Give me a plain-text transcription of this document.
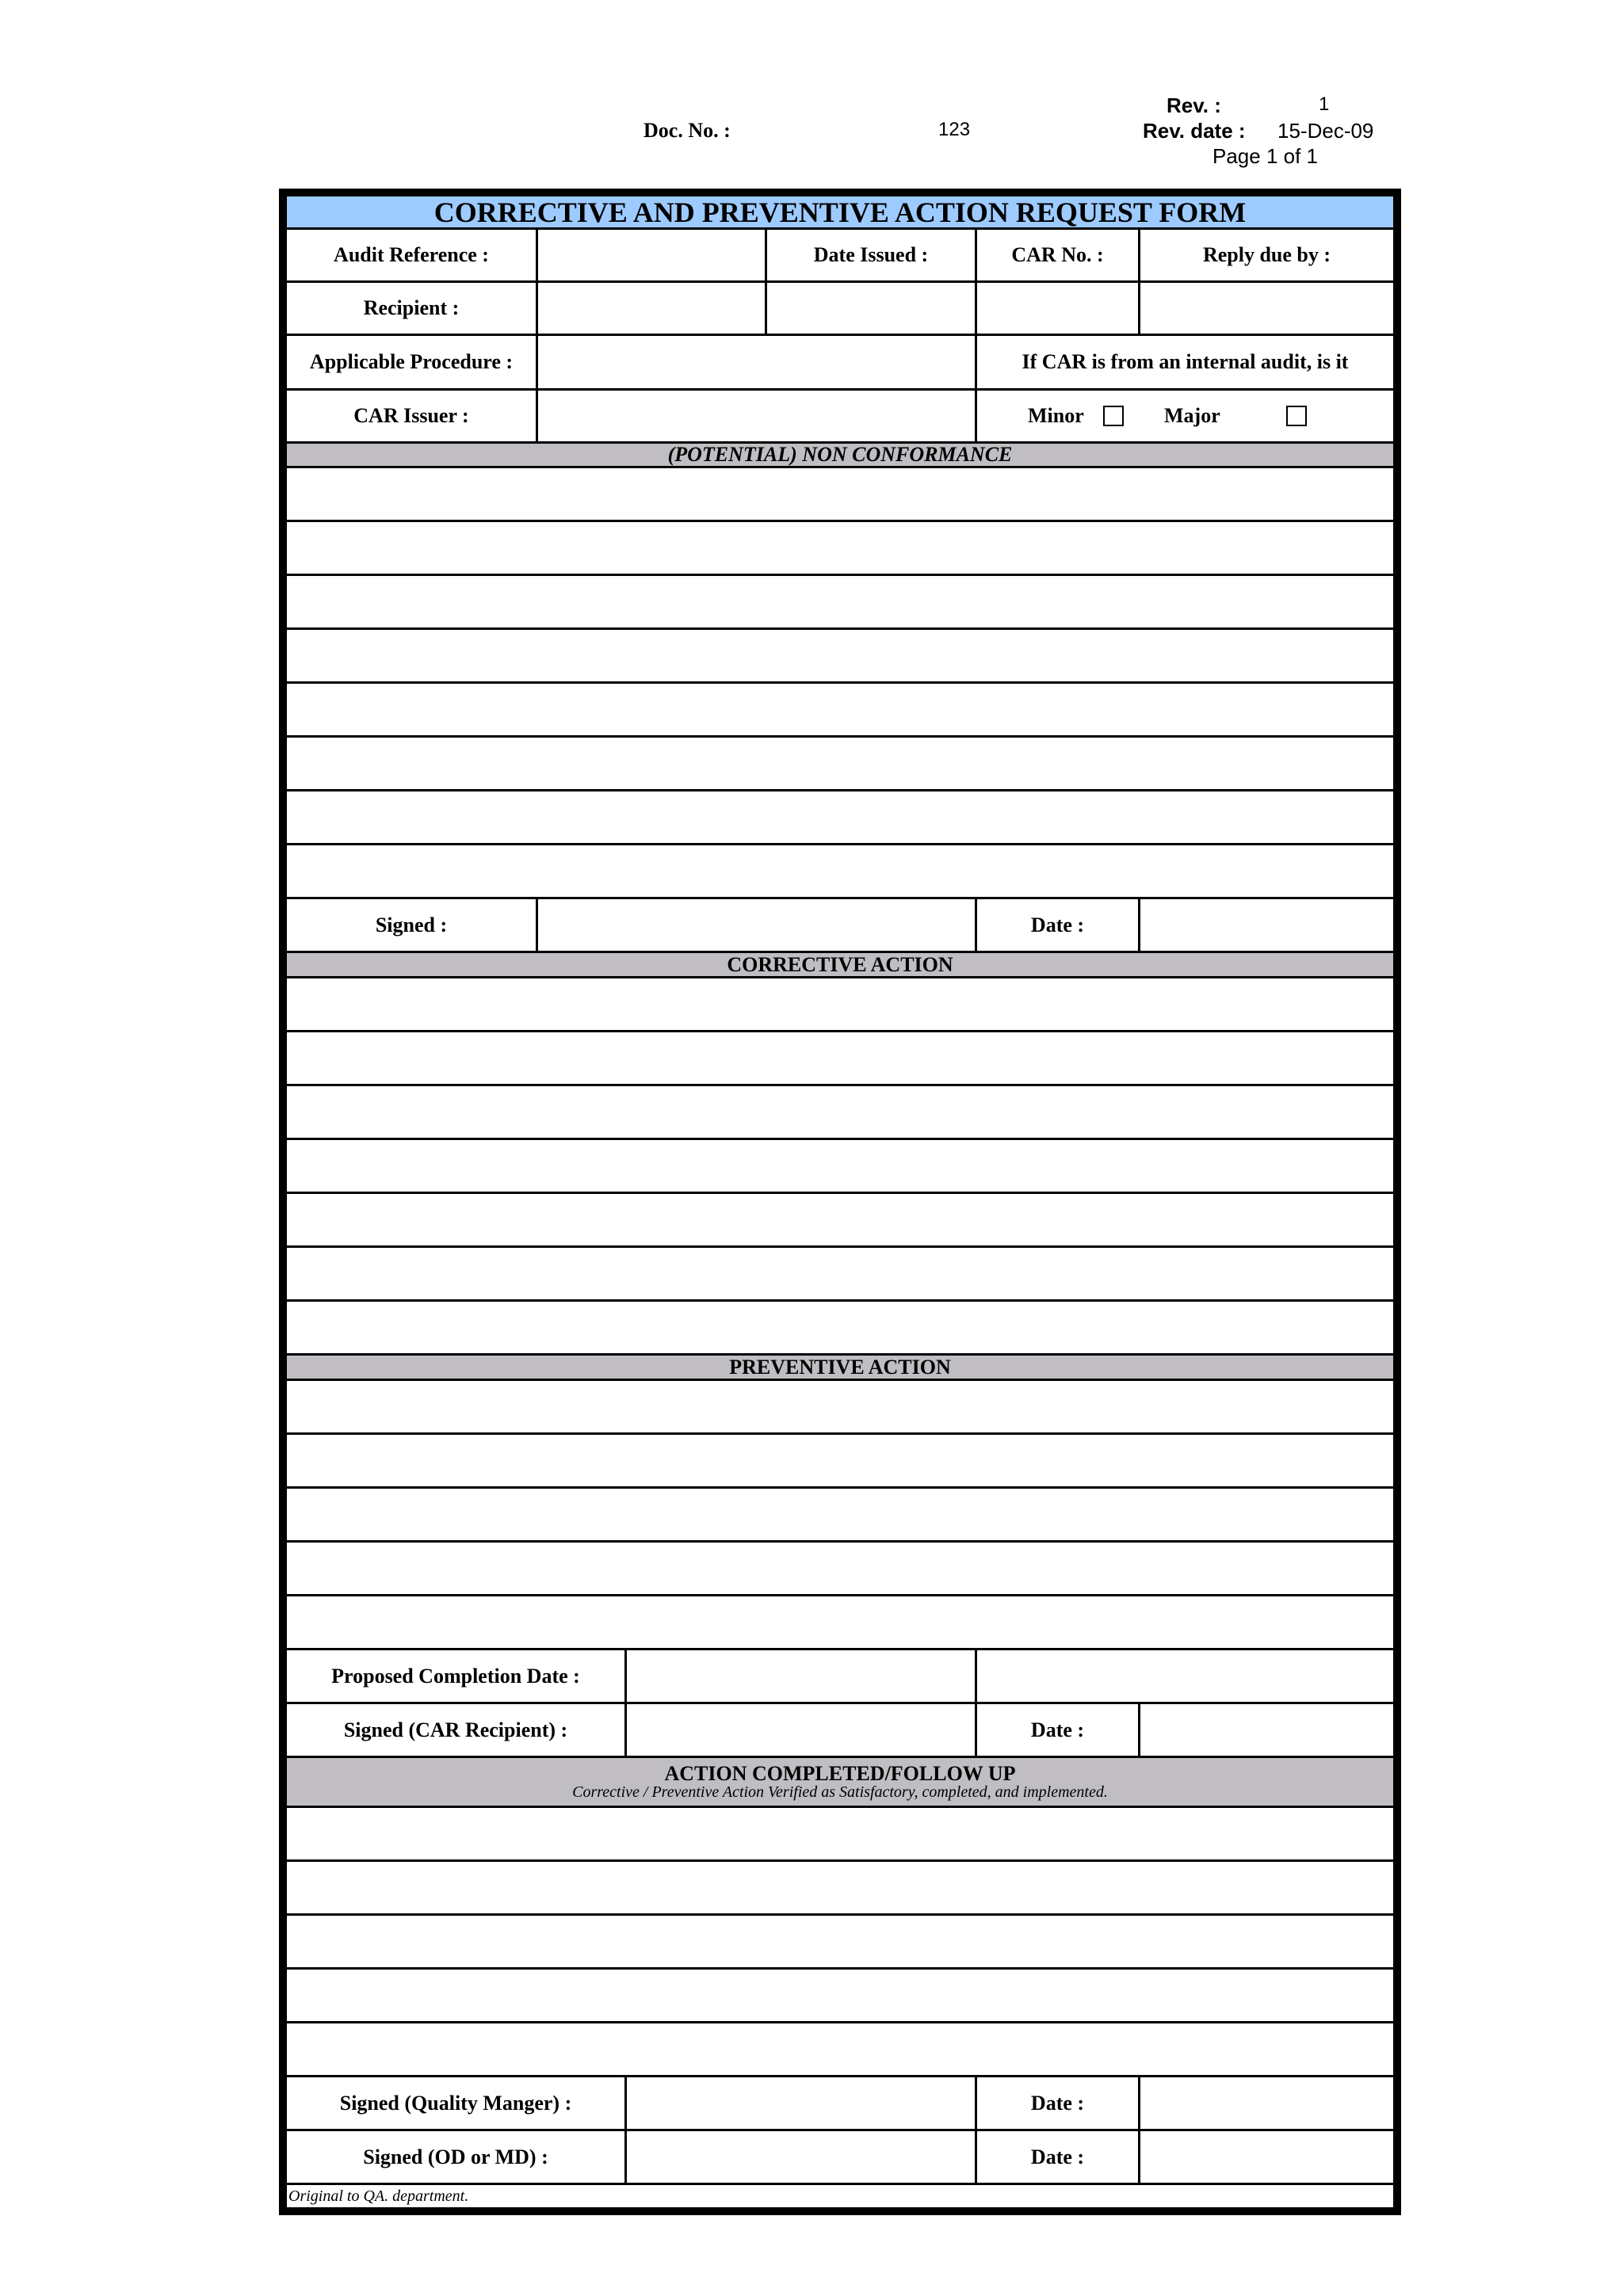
Doc. No. :	123
Rev. :	1
Rev. date : 15-Dec-09
Page 1 of 1
CORRECTIVE AND PREVENTIVE ACTION REQUEST FORM
Audit Reference :	Date Issued :	CAR No. :	Reply due by :
Recipient :
Applicable Procedure :	If CAR is from an internal audit, is it
CAR Issuer :	Minor	Major
(POTENTIAL) NON CONFORMANCE
Signed :	Date :
CORRECTIVE ACTION
PREVENTIVE ACTION
Proposed Completion Date :
Signed (CAR Recipient) :	Date :
ACTION COMPLETED/FOLLOW UP
Corrective / Preventive Action Verified as Satisfactory, completed, and implemented.
Signed (Quality Manger) :	Date :
Signed (OD or MD) :	Date :
Original to QA. department.
